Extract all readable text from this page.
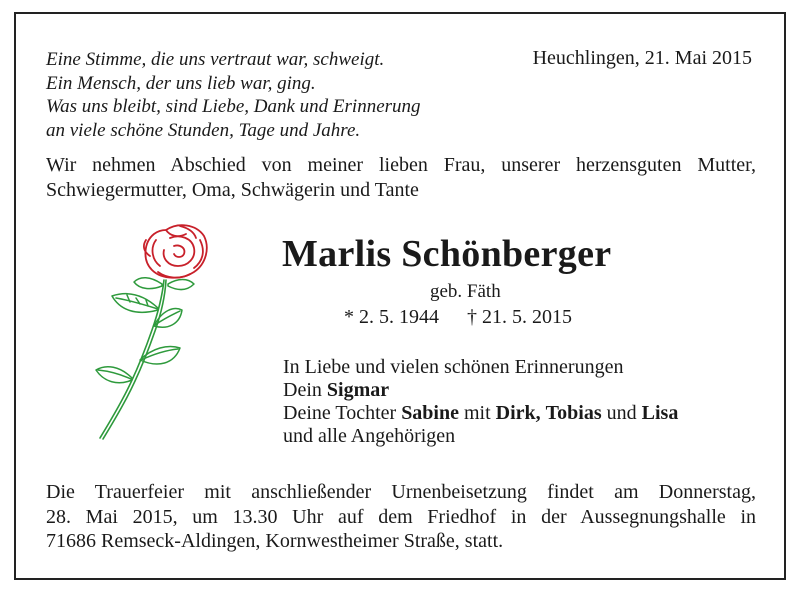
Eine Stimme, die uns vertraut war, schweigt.
Ein Mensch, der uns lieb war, ging.
Was uns bleibt, sind Liebe, Dank und Erinnerung
an viele schöne Stunden, Tage und Jahre.
Heuchlingen, 21. Mai 2015
Wir nehmen Abschied von meiner lieben Frau, unserer herzensguten Mutter,
Schwiegermutter, Oma, Schwägerin und Tante
Marlis Schönberger
geb. Fäth
* 2. 5. 1944 † 21. 5. 2015
In Liebe und vielen schönen Erinnerungen
Dein Sigmar
Deine Tochter Sabine mit Dirk, Tobias und Lisa
und alle Angehörigen
Die Trauerfeier mit anschließender Urnenbeisetzung findet am Donnerstag,
28. Mai 2015, um 13.30 Uhr auf dem Friedhof in der Aussegnungshalle in
71686 Remseck-Aldingen, Kornwestheimer Straße, statt.
